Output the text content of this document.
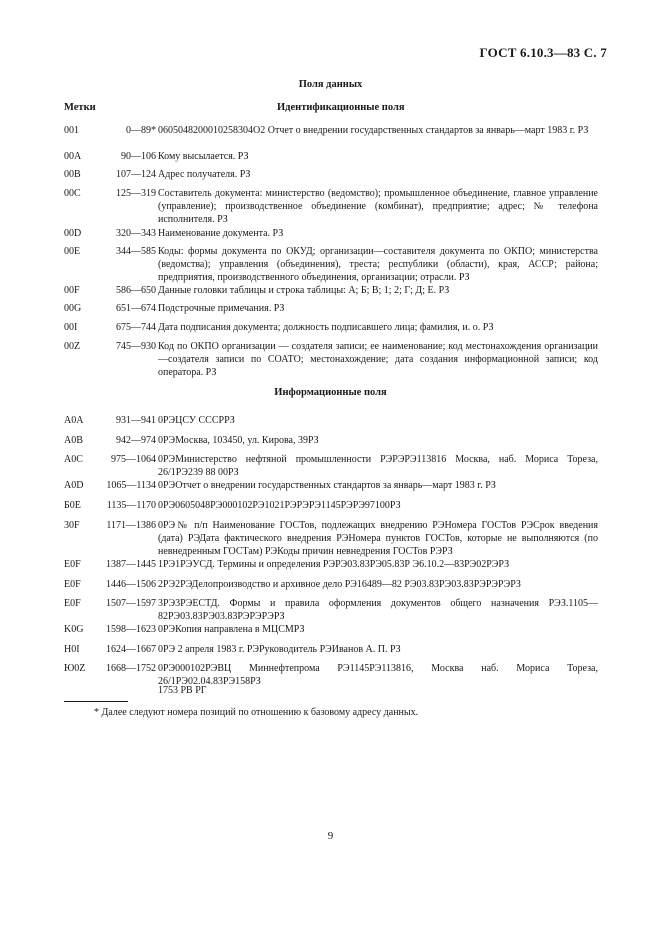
ГОСТ 6.10.3—83 С. 7
Поля данных
Метки	Идентификационные поля
001	0—89* 0605048200010258304О2 Отчет о внедрении государственных стандартов за январь—март 1983 г. РЗ
00A	90—106 Кому высылается. РЗ
00B	107—124 Адрес получателя. РЗ
00C	125—319 Составитель документа: министерство (ведомство); промышленное объединение, главное управление (управление); производственное объединение (комбинат), предприятие; адрес; № телефона исполнителя. РЗ
00D	320—343 Наименование документа. РЗ
00E	344—585 Коды: формы документа по ОКУД; организации—составителя документа по ОКПО; министерства (ведомства); управления (объединения), треста; республики (области), края, АССР; района; предприятия, производственного объединения, организации; отрасли. РЗ
00F	586—650 Данные головки таблицы и строка таблицы: А; Б; В; 1; 2; Г; Д; Е. РЗ
00G	651—674 Подстрочные примечания. РЗ
00I	675—744 Дата подписания документа; должность подписавшего лица; фамилия, и. о. РЗ
00Z	745—930 Код по ОКПО организации — создателя записи; ее наименование; код местонахождения организации—создателя записи по СОАТО; местонахождение; дата создания информационной записи; код оператора. РЗ
Информационные поля
A0A	931—941 0РЭЦСУ СССРРЗ
A0B	942—974 0РЭМосква, 103450, ул. Кирова, 39РЗ
A0C	975—1064 0РЭМинистерство нефтяной промышленности РЭРЭРЭ113816 Москва, наб. Мориса Тореза, 26/1РЭ239 88 00РЗ
A0D	1065—1134 0РЭОтчет о внедрении государственных стандартов за январь—март 1983 г. РЗ
Б0Е	1135—1170 0РЭ0605048РЭ000102РЭ1021РЭРЭРЭ1145РЭРЭ97100РЗ
30F	1171—1386 0РЭ№ п/п Наименование ГОСТов, подлежащих внедрению РЭНомера ГОСТов РЭСрок введения (дата) РЭДата фактического внедрения РЭНомера пунктов ГОСТов, которые не выполняются (по невнедренным ГОСТам) РЭКоды причин невнедрения ГОСТов РЭРЗ
E0F	1387—1445 1РЭ1РЭУСД. Термины и определения РЭРЭ03.83РЭ05.83Р Э6.10.2—83РЭ02РЭРЗ
E0F	1446—1506 2РЭ2РЭДелопроизводство и архивное дело РЭ16489—82 РЭ03.83РЭ03.83РЭРЭРЭРЗ
E0F	1507—1597 3РЭ3РЭЕСТД. Формы и правила оформления документов общего назначения РЭЗ.1105—82РЭ03.83РЭ03.83РЭРЭРЭРЗ
K0G	1598—1623 0РЭКопия направлена в МЦСМРЗ
H0I	1624—1667 0РЭ 2 апреля 1983 г. РЭРуководитель РЭИванов А. П. РЗ
Ю0Z	1668—1752 0РЭ000102РЭВЦ Миннефтепрома РЭ1145РЭ113816, Москва наб. Мориса Тореза, 26/1РЭ02.04.83РЭ158РЗ
1753 РВ РГ
* Далее следуют номера позиций по отношению к базовому адресу данных.
9
